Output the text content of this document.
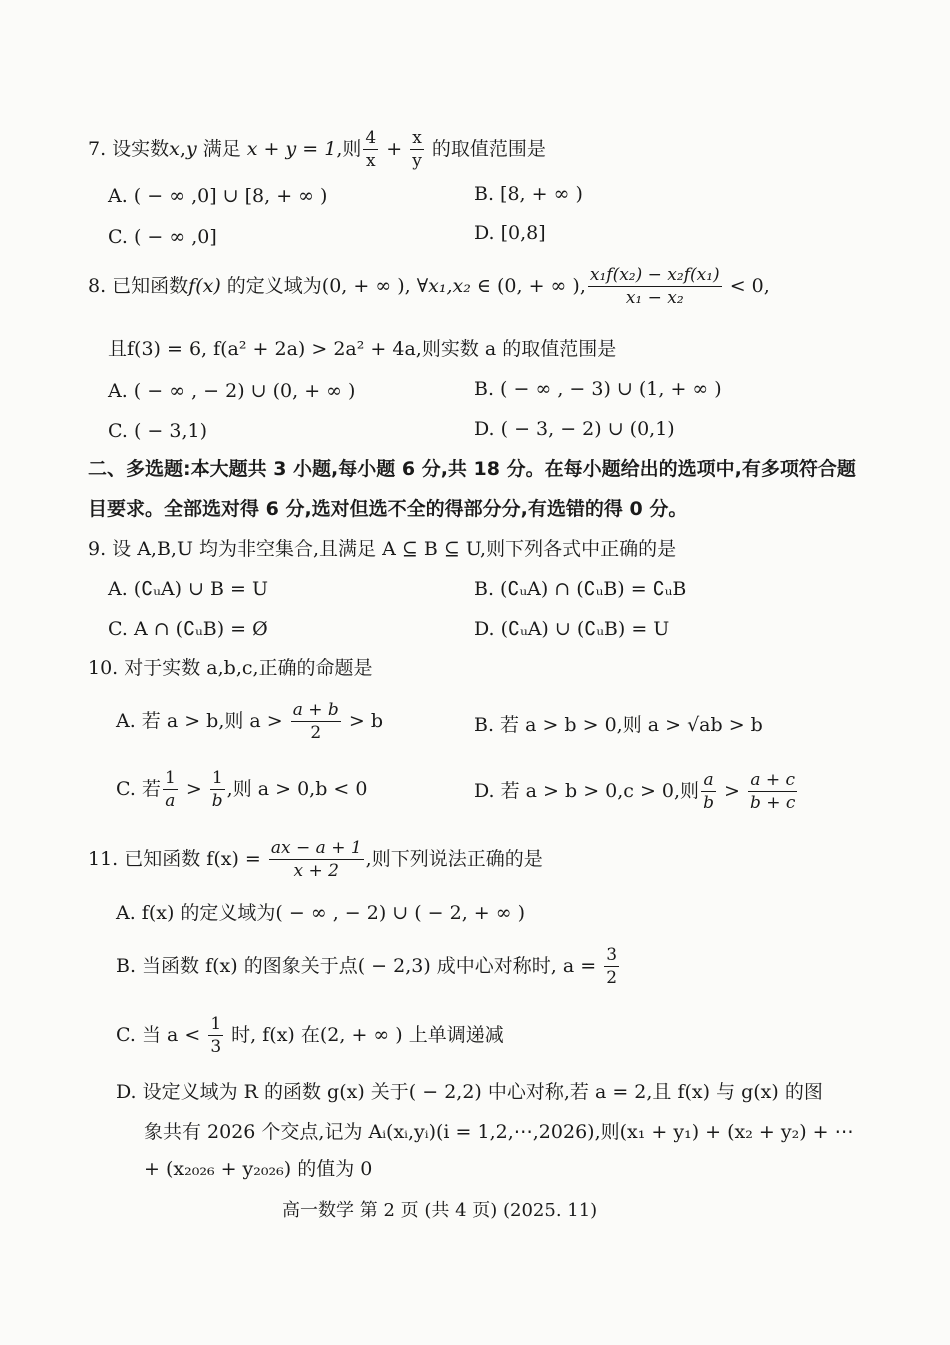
7. 设实数x,y 满足 x + y = 1,则 $\frac{4}{x} + \frac{x}{y}$ 的取值范围是
A. ( − ∞ ,0] ∪ [8, + ∞ )	B. [8, + ∞ )
C. ( − ∞ ,0]	D. [0,8]
8. 已知函数f(x) 的定义域为(0, + ∞ ), ∀x₁,x₂ ∈ (0, + ∞ ), $\frac{\text{x₁f(x₂) − x₂f(x₁)}}{\text{x₁ − x₂}} < 0$,
且f(3) = 6, f(a² + 2a) > 2a² + 4a,则实数 a 的取值范围是
A. ( − ∞ , − 2) ∪ (0, + ∞ )	B. ( − ∞ , − 3) ∪ (1, + ∞ )
C. ( − 3,1)	D. ( − 3, − 2) ∪ (0,1)
二、多选题:本大题共 3 小题,每小题 6 分,共 18 分。在每小题给出的选项中,有多项符合题
目要求。全部选对得 6 分,选对但选不全的得部分分,有选错的得 0 分。
9. 设 A,B,U 均为非空集合,且满足 A ⊆ B ⊆ U,则下列各式中正确的是
A. (∁ᵤA) ∪ B = U	B. (∁ᵤA) ∩ (∁ᵤB) = ∁ᵤB
C. A ∩ (∁ᵤB) = Ø	D. (∁ᵤA) ∪ (∁ᵤB) = U
10. 对于实数 a,b,c,正确的命题是
A. 若 a > b,则 $a > \frac{a + b}{2} > b$	B. 若 a > b > 0,则 a > √ab > b
C. 若 $\frac{1}{a} > \frac{1}{b}$ ,则 a > 0,b < 0	D. 若 a > b > 0,c > 0,则 $\frac{a}{b} > \frac{a + c}{b + c}$
11. 已知函数 $f(x) = \frac{ax - a + 1}{x + 2}$ ,则下列说法正确的是
A. f(x) 的定义域为( − ∞ , − 2) ∪ ( − 2, + ∞ )
B. 当函数 f(x) 的图象关于点( − 2,3) 成中心对称时, $a = \frac{3}{2}$
C. 当 $a < \frac{1}{3}$ 时, f(x) 在(2, + ∞ ) 上单调递减
D. 设定义域为 R 的函数 g(x) 关于( − 2,2) 中心对称,若 a = 2,且 f(x) 与 g(x) 的图
象共有 2026 个交点,记为 Aᵢ(xᵢ,yᵢ)(i = 1,2,⋯,2026),则(x₁ + y₁) + (x₂ + y₂) + ⋯
+ (x₂₀₂₆ + y₂₀₂₆) 的值为 0
高一数学 第 2 页 (共 4 页) (2025. 11)
